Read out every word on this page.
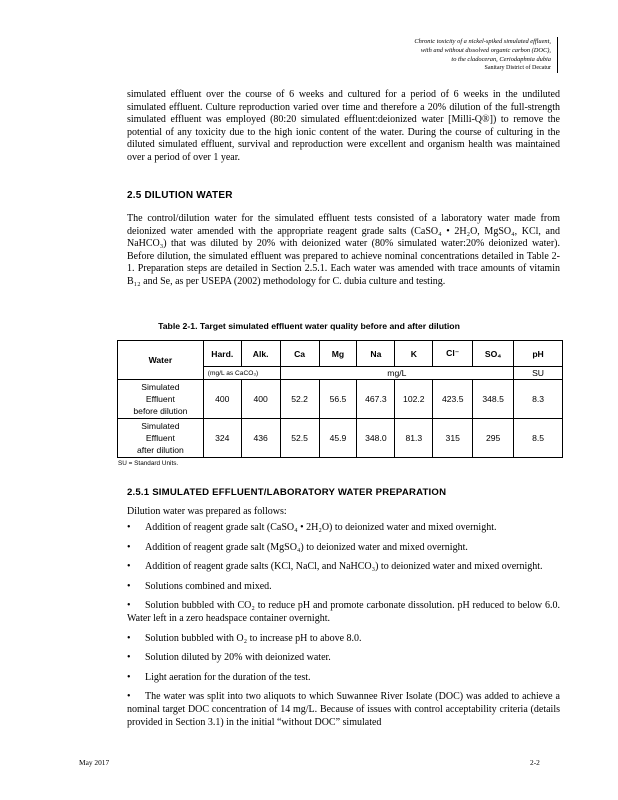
Chronic toxicity of a nickel-spiked simulated effluent,
with and without dissolved organic carbon (DOC),
to the cladoceran, Ceriodaphnia dubia
Sanitary District of Decatur

simulated effluent over the course of 6 weeks and cultured for a period of 6 weeks in the undiluted simulated effluent. Culture reproduction varied over time and therefore a 20% dilution of the full-strength simulated effluent was employed (80:20 simulated effluent:deionized water [Milli-Q®]) to remove the potential of any toxicity due to the high ionic content of the water. During the course of culturing in the diluted simulated effluent, survival and reproduction were excellent and organism health was maintained over a period of over 1 year.

2.5 DILUTION WATER

The control/dilution water for the simulated effluent tests consisted of a laboratory water made from deionized water amended with the appropriate reagent grade salts (CaSO₄ • 2H₂O, MgSO₄, KCl, and NaHCO₃) that was diluted by 20% with deionized water (80% simulated water:20% deionized water). Before dilution, the simulated effluent was prepared to achieve nominal concentrations detailed in Table 2-1. Preparation steps are detailed in Section 2.5.1. Each water was amended with trace amounts of vitamin B₁₂ and Se, as per USEPA (2002) methodology for C. dubia culture and testing.

Table 2-1. Target simulated effluent water quality before and after dilution
Water	Hard.	Alk.	Ca	Mg	Na	K	Cl⁻	SO₄	pH
	(mg/L as CaCO₃)		mg/L						SU

Simulated
Effluent
before dilution	400	400	52.2	56.5	467.3	102.2	423.5	348.5	8.3

Simulated
Effluent
after dilution	324	436	52.5	45.9	348.0	81.3	315	295	8.5
SU = Standard Units.
2.5.1 SIMULATED EFFLUENT/LABORATORY WATER PREPARATION
Dilution water was prepared as follows:
•	Addition of reagent grade salt (CaSO₄ • 2H₂O) to deionized water and mixed overnight.
•	Addition of reagent grade salt (MgSO₄) to deionized water and mixed overnight.
• Addition of reagent grade salts (KCl, NaCl, and NaHCO₃) to deionized water and mixed overnight.
•	Solutions combined and mixed.
• Solution bubbled with CO₂ to reduce pH and promote carbonate dissolution. pH reduced to below 6.0. Water left in a zero headspace container overnight.
•	Solution bubbled with O₂ to increase pH to above 8.0.
•	Solution diluted by 20% with deionized water.
•	Light aeration for the duration of the test.
• The water was split into two aliquots to which Suwannee River Isolate (DOC) was added to achieve a nominal target DOC concentration of 14 mg/L. Because of issues with control acceptability criteria (details provided in Section 3.1) in the initial “without DOC” simulated
May 2017	2-2
